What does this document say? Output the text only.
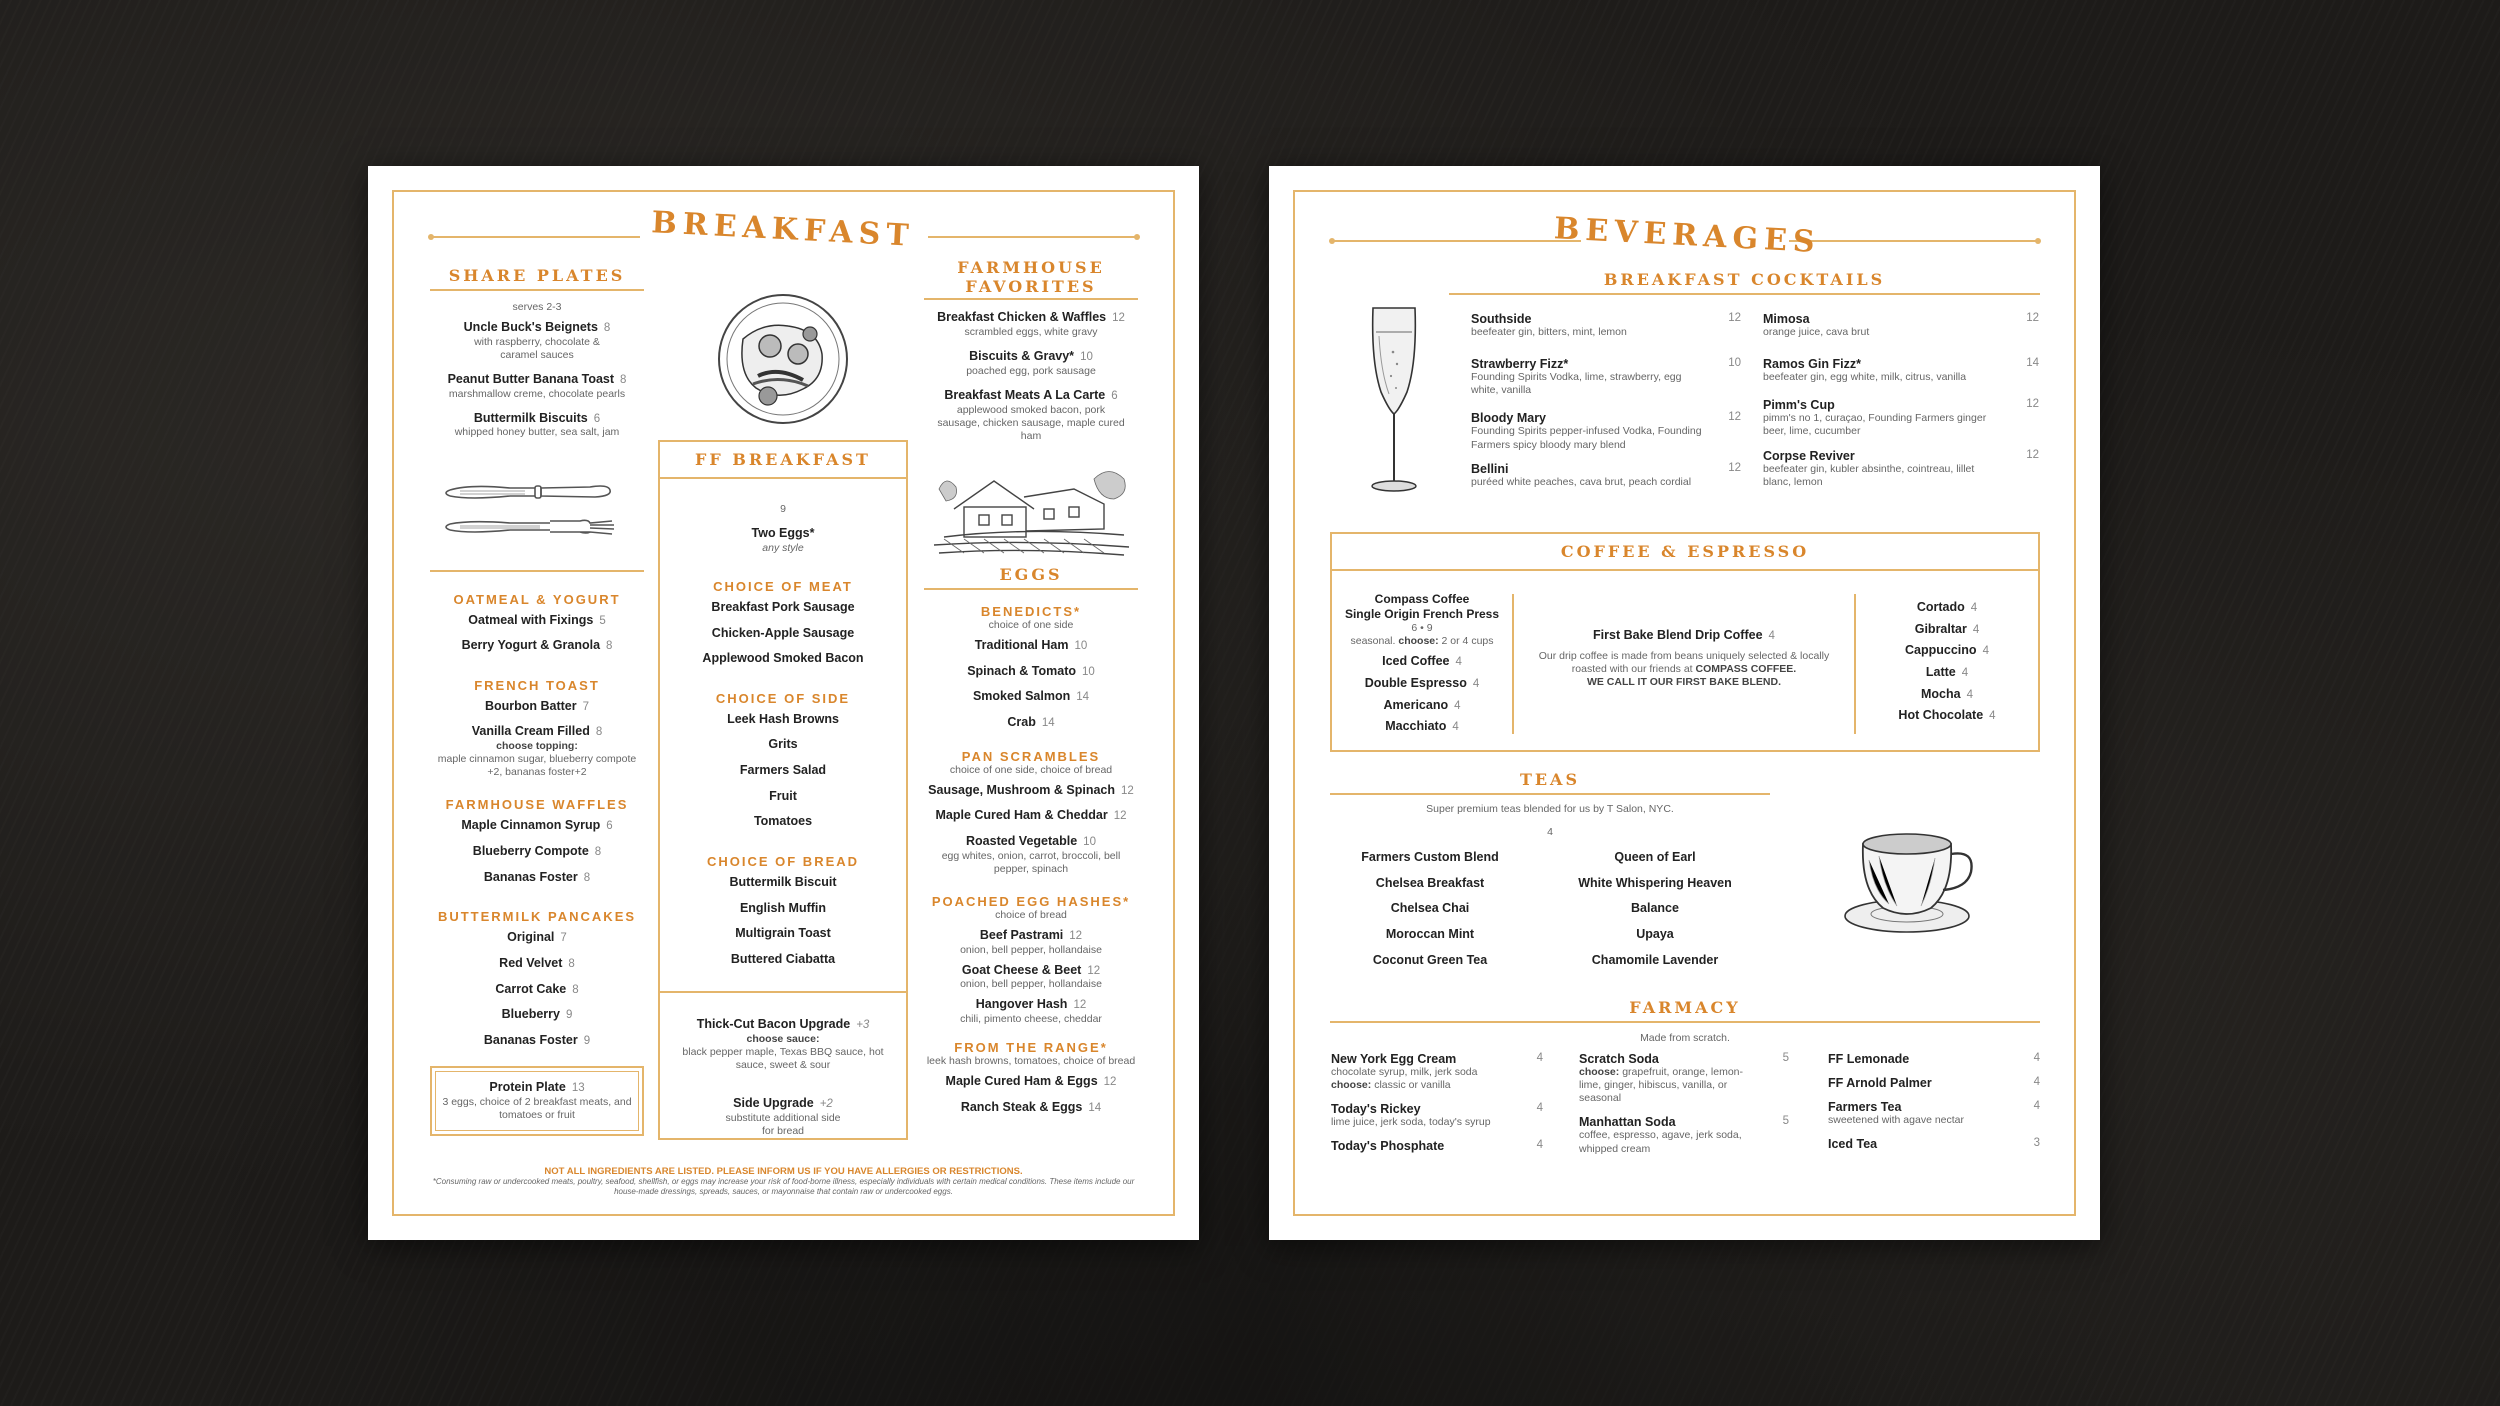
BREAKFAST
SHARE PLATES
serves 2-3
Uncle Buck's Beignets 8
with raspberry, chocolate & caramel sauces
Peanut Butter Banana Toast 8
marshmallow creme, chocolate pearls
Buttermilk Biscuits 6
whipped honey butter, sea salt, jam
OATMEAL & YOGURT
Oatmeal with Fixings 5
Berry Yogurt & Granola 8
FRENCH TOAST
Bourbon Batter 7
Vanilla Cream Filled 8
choose topping:
maple cinnamon sugar, blueberry compote +2, bananas foster+2
FARMHOUSE WAFFLES
Maple Cinnamon Syrup 6
Blueberry Compote 8
Bananas Foster 8
BUTTERMILK PANCAKES
Original 7
Red Velvet 8
Carrot Cake 8
Blueberry 9
Bananas Foster 9
Protein Plate 13
3 eggs, choice of 2 breakfast meats, and tomatoes or fruit
FF BREAKFAST
9
Two Eggs*
any style
CHOICE OF MEAT
Breakfast Pork Sausage
Chicken-Apple Sausage
Applewood Smoked Bacon
CHOICE OF SIDE
Leek Hash Browns
Grits
Farmers Salad
Fruit
Tomatoes
CHOICE OF BREAD
Buttermilk Biscuit
English Muffin
Multigrain Toast
Buttered Ciabatta
Thick-Cut Bacon Upgrade +3
choose sauce:
black pepper maple, Texas BBQ sauce, hot sauce, sweet & sour
Side Upgrade +2
substitute additional side for bread
FARMHOUSE FAVORITES
Breakfast Chicken & Waffles 12
scrambled eggs, white gravy
Biscuits & Gravy* 10
poached egg, pork sausage
Breakfast Meats A La Carte 6
applewood smoked bacon, pork sausage, chicken sausage, maple cured ham
EGGS
BENEDICTS*
choice of one side
Traditional Ham 10
Spinach & Tomato 10
Smoked Salmon 14
Crab 14
PAN SCRAMBLES
choice of one side, choice of bread
Sausage, Mushroom & Spinach 12
Maple Cured Ham & Cheddar 12
Roasted Vegetable 10
egg whites, onion, carrot, broccoli, bell pepper, spinach
POACHED EGG HASHES*
choice of bread
Beef Pastrami 12
onion, bell pepper, hollandaise
Goat Cheese & Beet 12
onion, bell pepper, hollandaise
Hangover Hash 12
chili, pimento cheese, cheddar
FROM THE RANGE*
leek hash browns, tomatoes, choice of bread
Maple Cured Ham & Eggs 12
Ranch Steak & Eggs 14
NOT ALL INGREDIENTS ARE LISTED. PLEASE INFORM US IF YOU HAVE ALLERGIES OR RESTRICTIONS.
*Consuming raw or undercooked meats, poultry, seafood, shellfish, or eggs may increase your risk of food-borne illness, especially individuals with certain medical conditions. These items include our house-made dressings, spreads, sauces, or mayonnaise that contain raw or undercooked eggs.
BEVERAGES
BREAKFAST COCKTAILS
Southside	12
beefeater gin, bitters, mint, lemon
Strawberry Fizz*	10
Founding Spirits Vodka, lime, strawberry, egg white, vanilla
Bloody Mary	12
Founding Spirits pepper-infused Vodka, Founding Farmers spicy bloody mary blend
Bellini	12
puréed white peaches, cava brut, peach cordial
Mimosa	12
orange juice, cava brut
Ramos Gin Fizz*	14
beefeater gin, egg white, milk, citrus, vanilla
Pimm's Cup	12
pimm's no 1, curaçao, Founding Farmers ginger beer, lime, cucumber
Corpse Reviver	12
beefeater gin, kubler absinthe, cointreau, lillet blanc, lemon
COFFEE & ESPRESSO
Compass Coffee
Single Origin French Press
6 • 9
seasonal. choose: 2 or 4 cups
Iced Coffee 4
Double Espresso 4
Americano 4
Macchiato 4
First Bake Blend Drip Coffee 4
Our drip coffee is made from beans uniquely selected & locally roasted with our friends at COMPASS COFFEE.
WE CALL IT OUR FIRST BAKE BLEND.
Cortado 4
Gibraltar 4
Cappuccino 4
Latte 4
Mocha 4
Hot Chocolate 4
TEAS
Super premium teas blended for us by T Salon, NYC.
4
Farmers Custom Blend
Chelsea Breakfast
Chelsea Chai
Moroccan Mint
Coconut Green Tea
Queen of Earl
White Whispering Heaven
Balance
Upaya
Chamomile Lavender
FARMACY
Made from scratch.
New York Egg Cream	4
chocolate syrup, milk, jerk soda
choose: classic or vanilla
Today's Rickey	4
lime juice, jerk soda, today's syrup
Today's Phosphate	4
Scratch Soda	5
choose: grapefruit, orange, lemon-lime, ginger, hibiscus, vanilla, or seasonal
Manhattan Soda	5
coffee, espresso, agave, jerk soda, whipped cream
FF Lemonade	4
FF Arnold Palmer	4
Farmers Tea	4
sweetened with agave nectar
Iced Tea	3
